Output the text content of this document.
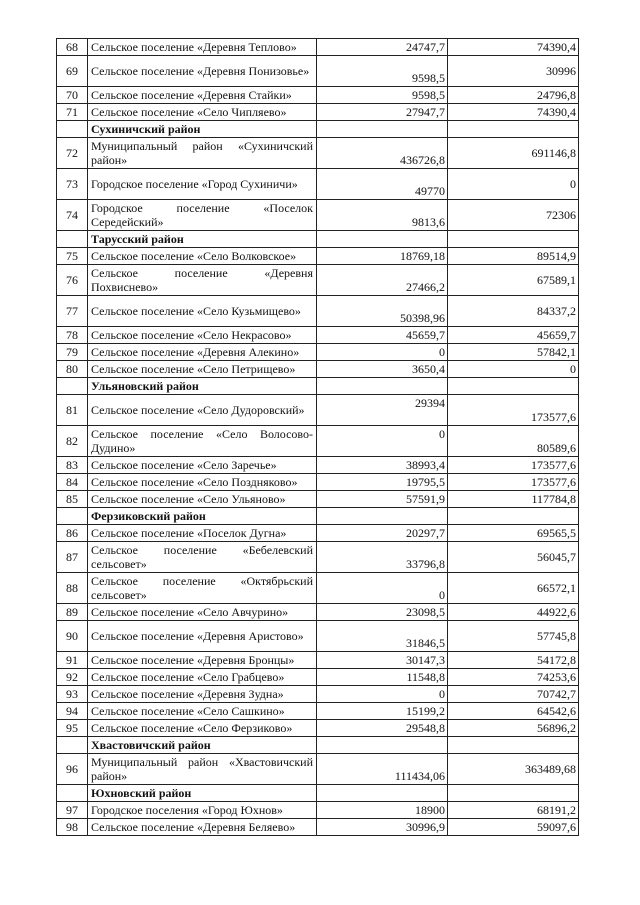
68	Сельское поселение «Деревня Теплово»	24747,7	74390,4
69	Сельское поселение «Деревня Понизовье»	9598,5	30996
70	Сельское поселение «Деревня Стайки»	9598,5	24796,8
71	Сельское поселение «Село Чипляево»	27947,7	74390,4
	Сухиничский район		
72	Муниципальный район «Сухиничский район»	436726,8	691146,8
73	Городское поселение «Город Сухиничи»	49770	0
74	Городское поселение «Поселок Середейский»	9813,6	72306
	Тарусский район		
75	Сельское поселение «Село Волковское»	18769,18	89514,9
76	Сельское поселение «Деревня Похвиснево»	27466,2	67589,1
77	Сельское поселение «Село Кузьмищево»	50398,96	84337,2
78	Сельское поселение «Село Некрасово»	45659,7	45659,7
79	Сельское поселение «Деревня Алекино»	0	57842,1
80	Сельское поселение «Село Петрищево»	3650,4	0
	Ульяновский район		
81	Сельское поселение «Село Дудоровский»	29394	173577,6
82	Сельское поселение «Село Волосово-Дудино»	0	80589,6
83	Сельское поселение «Село Заречье»	38993,4	173577,6
84	Сельское поселение «Село Поздняково»	19795,5	173577,6
85	Сельское поселение «Село Ульяново»	57591,9	117784,8
	Ферзиковский район		
86	Сельское поселение «Поселок Дугна»	20297,7	69565,5
87	Сельское поселение «Бебелевский сельсовет»	33796,8	56045,7
88	Сельское поселение «Октябрьский сельсовет»	0	66572,1
89	Сельское поселение «Село Авчурино»	23098,5	44922,6
90	Сельское поселение «Деревня Аристово»	31846,5	57745,8
91	Сельское поселение «Деревня Бронцы»	30147,3	54172,8
92	Сельское поселение «Село Грабцево»	11548,8	74253,6
93	Сельское поселение «Деревня Зудна»	0	70742,7
94	Сельское поселение «Село Сашкино»	15199,2	64542,6
95	Сельское поселение «Село Ферзиково»	29548,8	56896,2
	Хвастовичский район		
96	Муниципальный район «Хвастовичский район»	111434,06	363489,68
	Юхновский район		
97	Городское поселения «Город Юхнов»	18900	68191,2
98	Сельское поселение «Деревня Беляево»	30996,9	59097,6
